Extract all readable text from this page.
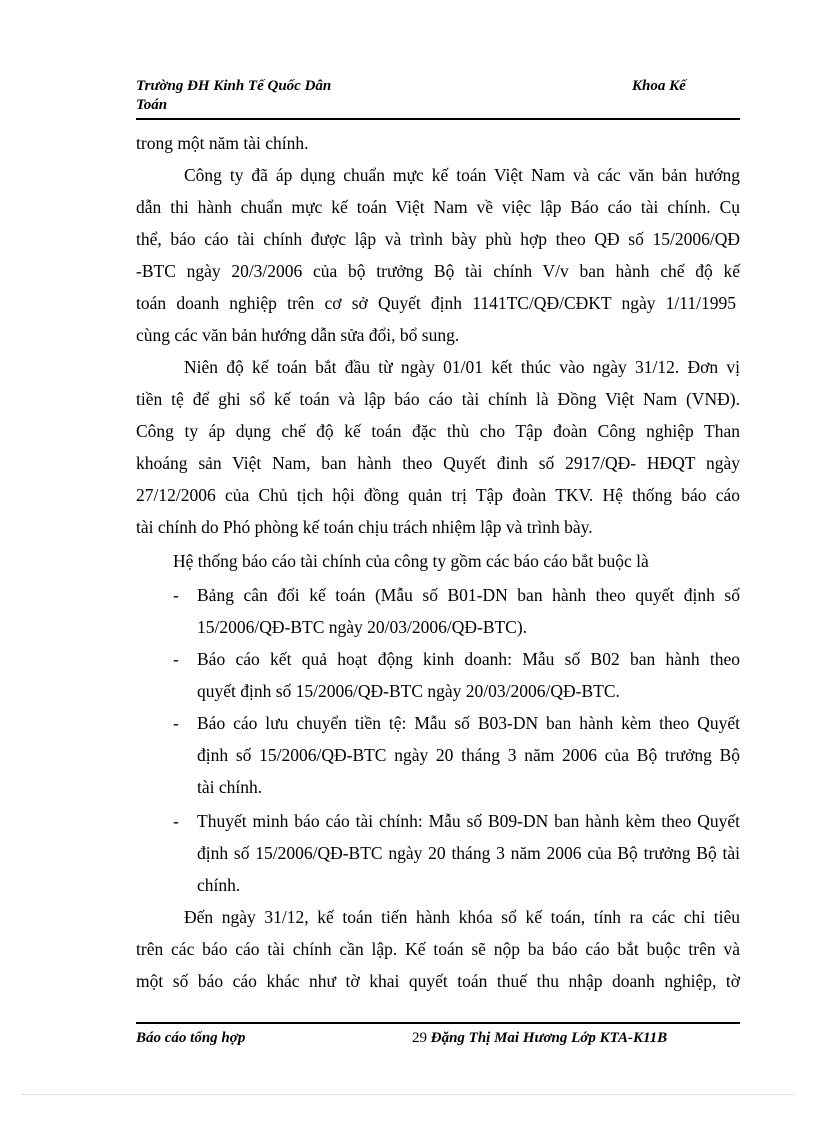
Trường ĐH Kinh Tế Quốc Dân
Toán
Khoa Kế
trong một năm tài chính.
Công ty đã áp dụng chuẩn mực kế toán Việt Nam và các văn bản hướng
dẫn thi hành chuẩn mực kế toán Việt Nam về việc lập Báo cáo tài chính. Cụ
thể, báo cáo tài chính được lập và trình bày phù hợp theo QĐ số 15/2006/QĐ
-BTC ngày 20/3/2006 của bộ trưởng Bộ tài chính V/v ban hành chế độ kế
toán doanh nghiệp trên cơ sở Quyết định 1141TC/QĐ/CĐKT ngày 1/11/1995
cùng các văn bản hướng dẫn sửa đổi, bổ sung.
Niên độ kế toán bắt đầu từ ngày 01/01 kết thúc vào ngày 31/12. Đơn vị
tiền tệ để ghi sổ kế toán và lập báo cáo tài chính là Đồng Việt Nam (VNĐ).
Công ty áp dụng chế độ kế toán đặc thù cho Tập đoàn Công nghiệp Than
khoáng sản Việt Nam, ban hành theo Quyết đinh số 2917/QĐ- HĐQT ngày
27/12/2006 của Chủ tịch hội đồng quản trị Tập đoàn TKV. Hệ thống báo cáo
tài chính do Phó phòng kế toán chịu trách nhiệm lập và trình bày.
Hệ thống báo cáo tài chính của công ty gồm các báo cáo bắt buộc là
- Bảng cân đối kế toán (Mẫu số B01-DN ban hành theo quyết định số
15/2006/QĐ-BTC ngày 20/03/2006/QĐ-BTC).
- Báo cáo kết quả hoạt động kinh doanh: Mẫu số B02 ban hành theo
quyết định số 15/2006/QĐ-BTC ngày 20/03/2006/QĐ-BTC.
- Báo cáo lưu chuyển tiền tệ: Mẫu số B03-DN ban hành kèm theo Quyết
định số 15/2006/QĐ-BTC ngày 20 tháng 3 năm 2006 của Bộ trưởng Bộ
tài chính.
- Thuyết minh báo cáo tài chính: Mẫu số B09-DN ban hành kèm theo Quyết
định số 15/2006/QĐ-BTC ngày 20 tháng 3 năm 2006 của Bộ trưởng Bộ tài
chính.
Đến ngày 31/12, kế toán tiến hành khóa sổ kế toán, tính ra các chỉ tiêu
trên các báo cáo tài chính cần lập. Kế toán sẽ nộp ba báo cáo bắt buộc trên và
một số báo cáo khác như tờ khai quyết toán thuế thu nhập doanh nghiệp, tờ
Báo cáo tổng hợp	29 Đặng Thị Mai Hương Lớp KTA-K11B
